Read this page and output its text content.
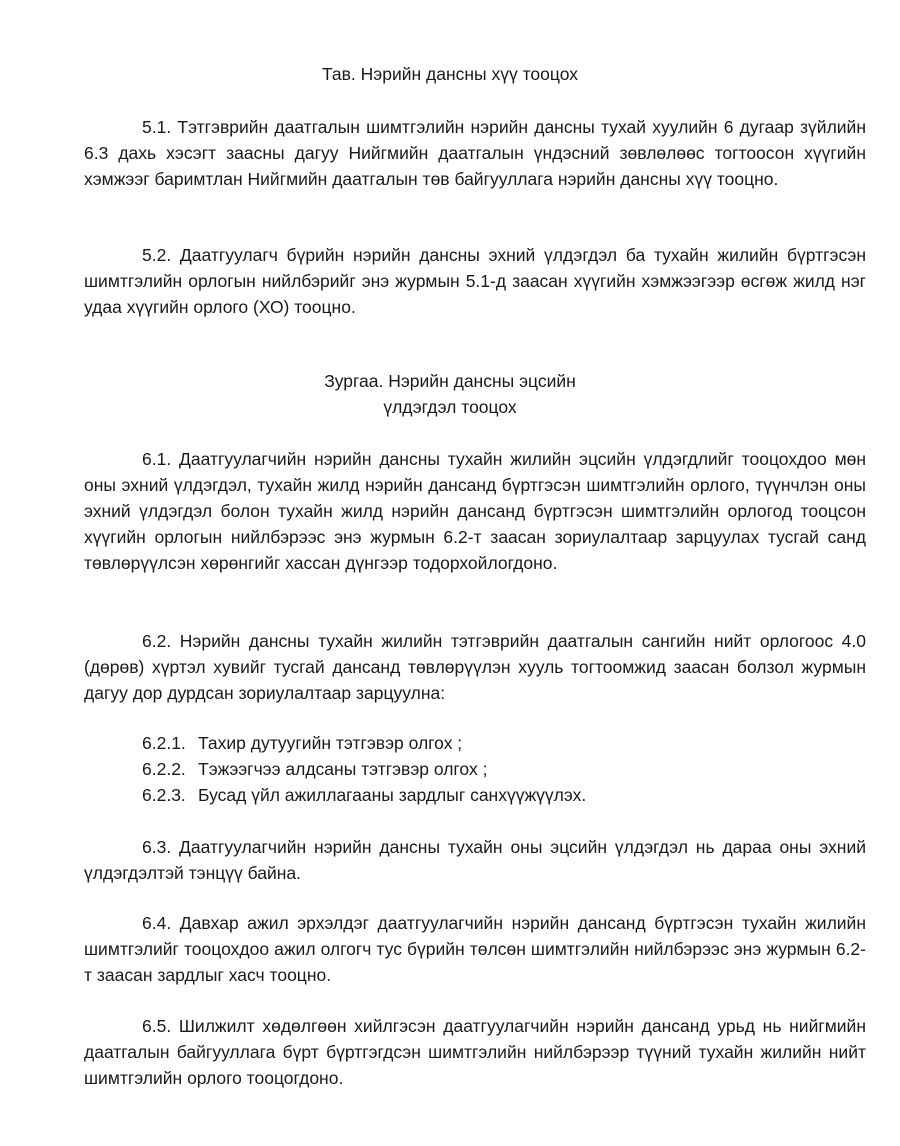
Тав. Нэрийн дансны хүү тооцох
5.1. Тэтгэврийн даатгалын шимтгэлийн нэрийн дансны тухай хуулийн 6 дугаар зүйлийн 6.3 дахь хэсэгт заасны дагуу Нийгмийн даатгалын үндэсний зөвлөлөөс тогтоосон хүүгийн хэмжээг баримтлан Нийгмийн даатгалын төв байгууллага нэрийн дансны хүү тооцно.
5.2. Даатгуулагч бүрийн нэрийн дансны эхний үлдэгдэл ба тухайн жилийн бүртгэсэн шимтгэлийн орлогын нийлбэрийг энэ журмын 5.1-д заасан хүүгийн хэмжээгээр өсгөж жилд нэг удаа хүүгийн орлого (ХО) тооцно.
Зургаа. Нэрийн дансны эцсийн
үлдэгдэл тооцох
6.1. Даатгуулагчийн нэрийн дансны тухайн жилийн эцсийн үлдэгдлийг тооцохдоо мөн оны эхний үлдэгдэл, тухайн жилд нэрийн дансанд бүртгэсэн шимтгэлийн орлого, түүнчлэн оны эхний үлдэгдэл болон тухайн жилд нэрийн дансанд бүртгэсэн шимтгэлийн орлогод тооцсон хүүгийн орлогын нийлбэрээс энэ журмын 6.2-т заасан зориулалтаар зарцуулах тусгай санд төвлөрүүлсэн хөрөнгийг хассан дүнгээр тодорхойлогдоно.
6.2. Нэрийн дансны тухайн жилийн тэтгэврийн даатгалын сангийн нийт орлогоос 4.0 (дөрөв) хүртэл хувийг тусгай дансанд төвлөрүүлэн хууль тогтоомжид заасан болзол журмын дагуу дор дурдсан зориулалтаар зарцуулна:
6.2.1. Тахир дутуугийн тэтгэвэр олгох ;
6.2.2. Тэжээгчээ алдсаны тэтгэвэр олгох ;
6.2.3. Бусад үйл ажиллагааны зардлыг санхүүжүүлэх.
6.3. Даатгуулагчийн нэрийн дансны тухайн оны эцсийн үлдэгдэл нь дараа оны эхний үлдэгдэлтэй тэнцүү байна.
6.4. Давхар ажил эрхэлдэг даатгуулагчийн нэрийн дансанд бүртгэсэн тухайн жилийн шимтгэлийг тооцохдоо ажил олгогч тус бүрийн төлсөн шимтгэлийн нийлбэрээс энэ журмын 6.2-т заасан зардлыг хасч тооцно.
6.5. Шилжилт хөдөлгөөн хийлгэсэн даатгуулагчийн нэрийн дансанд урьд нь нийгмийн даатгалын байгууллага бүрт бүртгэгдсэн шимтгэлийн нийлбэрээр түүний тухайн жилийн нийт шимтгэлийн орлого тооцогдоно.
